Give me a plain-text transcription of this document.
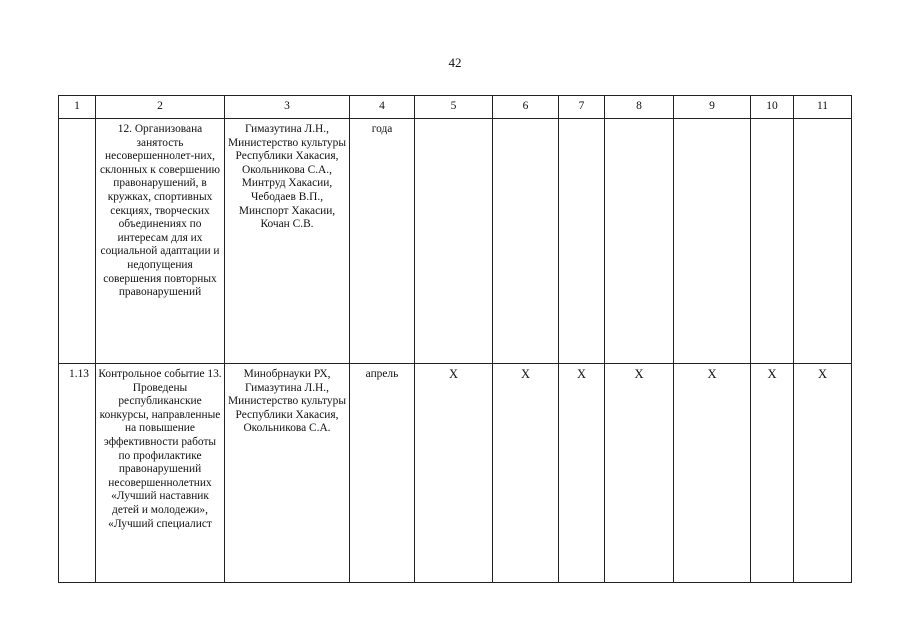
42
1	2	3	4	5	6	7	8	9	10	11
	12. Организована занятость несовершеннолет-них, склонных к совершению правонарушений, в кружках, спортивных секциях, творческих объединениях по интересам для их социальной адаптации и недопущения совершения повторных правонарушений	Гимазутина Л.Н., Министерство культуры Республики Хакасия, Окольникова С.А., Минтруд Хакасии, Чебодаев В.П., Минспорт Хакасии, Кочан С.В.	года							
1.13	Контрольное событие 13. Проведены республиканские конкурсы, направленные на повышение эффективности работы по профилактике правонарушений несовершеннолетних «Лучший наставник детей и молодежи», «Лучший специалист	Минобрнауки РХ, Гимазутина Л.Н., Министерство культуры Республики Хакасия, Окольникова С.А.	апрель	X	X	X	X	X	X	X
